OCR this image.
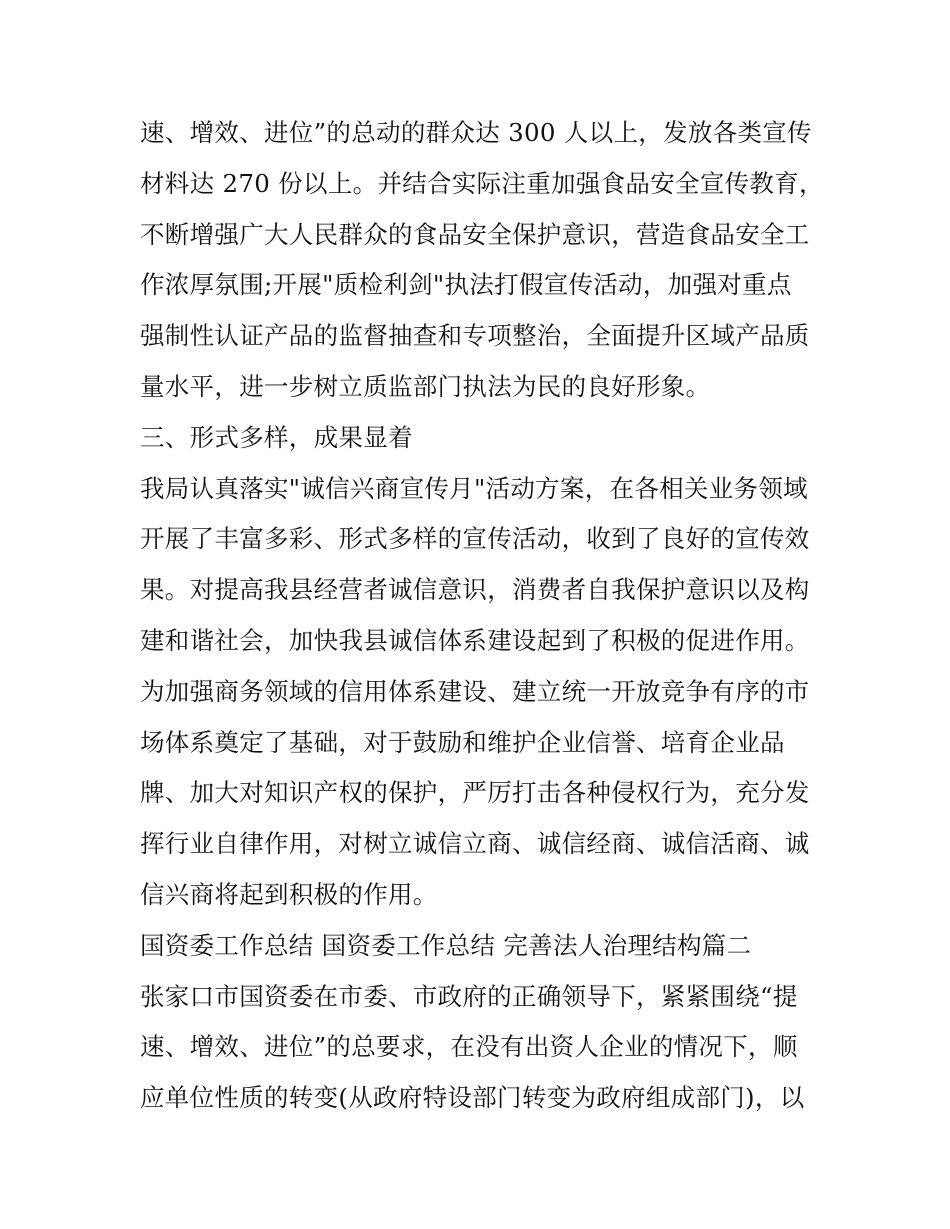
速、增效、进位”的总动的群众达 300 人以上，发放各类宣传
材料达 270 份以上。并结合实际注重加强食品安全宣传教育，
不断增强广大人民群众的食品安全保护意识，营造食品安全工
作浓厚氛围;开展"质检利剑"执法打假宣传活动，加强对重点
强制性认证产品的监督抽查和专项整治，全面提升区域产品质
量水平，进一步树立质监部门执法为民的良好形象。
三、形式多样，成果显着
我局认真落实"诚信兴商宣传月"活动方案，在各相关业务领域
开展了丰富多彩、形式多样的宣传活动，收到了良好的宣传效
果。对提高我县经营者诚信意识，消费者自我保护意识以及构
建和谐社会，加快我县诚信体系建设起到了积极的促进作用。
为加强商务领域的信用体系建设、建立统一开放竞争有序的市
场体系奠定了基础，对于鼓励和维护企业信誉、培育企业品
牌、加大对知识产权的保护，严厉打击各种侵权行为，充分发
挥行业自律作用，对树立诚信立商、诚信经商、诚信活商、诚
信兴商将起到积极的作用。
国资委工作总结 国资委工作总结 完善法人治理结构篇二
张家口市国资委在市委、市政府的正确领导下，紧紧围绕“提
速、增效、进位”的总要求，在没有出资人企业的情况下，顺
应单位性质的转变(从政府特设部门转变为政府组成部门)，以
